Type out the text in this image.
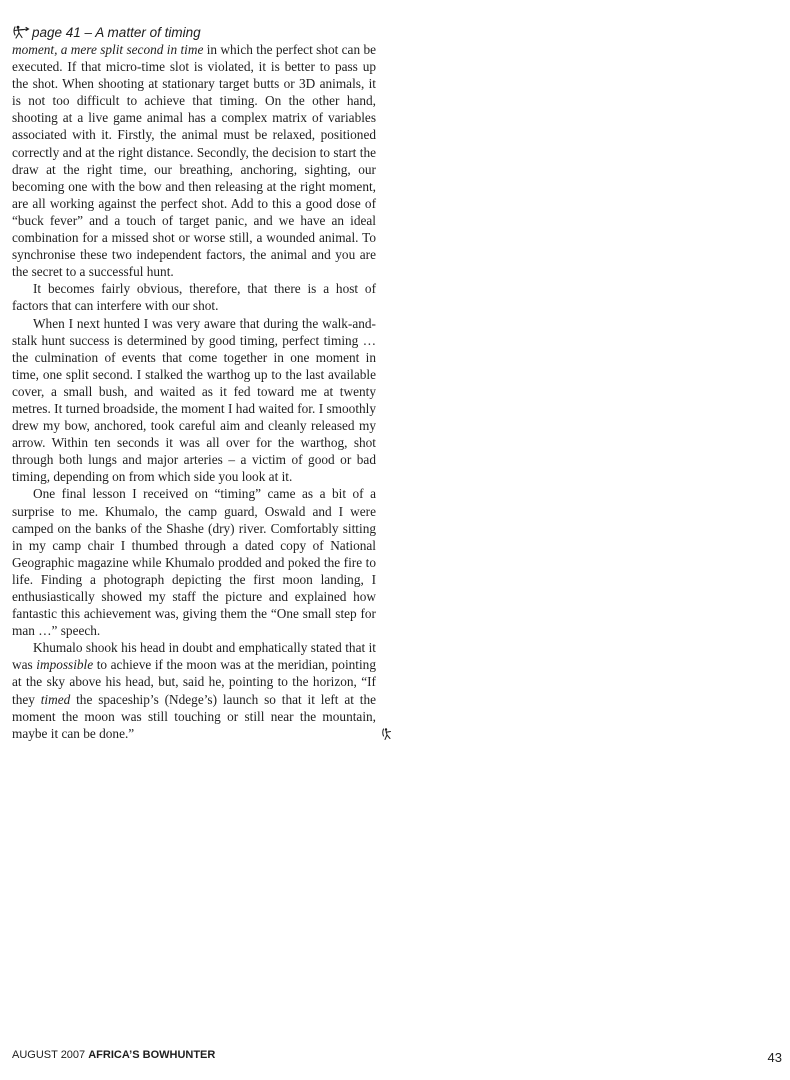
page 41 – A matter of timing

moment, a mere split second in time in which the perfect shot can be executed. If that micro-time slot is violated, it is better to pass up the shot. When shooting at stationary target butts or 3D animals, it is not too difficult to achieve that timing. On the other hand, shooting at a live game animal has a complex matrix of variables associated with it. Firstly, the animal must be relaxed, positioned correctly and at the right distance. Secondly, the decision to start the draw at the right time, our breathing, anchoring, sighting, our becoming one with the bow and then releasing at the right moment, are all working against the perfect shot. Add to this a good dose of “buck fever” and a touch of target panic, and we have an ideal combination for a missed shot or worse still, a wounded animal. To synchronise these two independent factors, the animal and you are the secret to a successful hunt.

It becomes fairly obvious, therefore, that there is a host of factors that can interfere with our shot.

When I next hunted I was very aware that during the walk-and-stalk hunt success is determined by good timing, perfect timing … the culmination of events that come together in one moment in time, one split second. I stalked the warthog up to the last available cover, a small bush, and waited as it fed toward me at twenty metres. It turned broadside, the moment I had waited for. I smoothly drew my bow, anchored, took careful aim and cleanly released my arrow. Within ten seconds it was all over for the warthog, shot through both lungs and major arteries – a victim of good or bad timing, depending on from which side you look at it.

One final lesson I received on “timing” came as a bit of a surprise to me. Khumalo, the camp guard, Oswald and I were camped on the banks of the Shashe (dry) river. Comfortably sitting in my camp chair I thumbed through a dated copy of National Geographic magazine while Khumalo prodded and poked the fire to life. Finding a photograph depicting the first moon landing, I enthusiastically showed my staff the picture and explained how fantastic this achievement was, giving them the “One small step for man …” speech.

Khumalo shook his head in doubt and emphatically stated that it was impossible to achieve if the moon was at the meridian, pointing at the sky above his head, but, said he, pointing to the horizon, “If they timed the spaceship’s (Ndege’s) launch so that it left at the moment the moon was still touching or still near the mountain, maybe it can be done.”

AUGUST 2007 AFRICA’S BOWHUNTER	43
